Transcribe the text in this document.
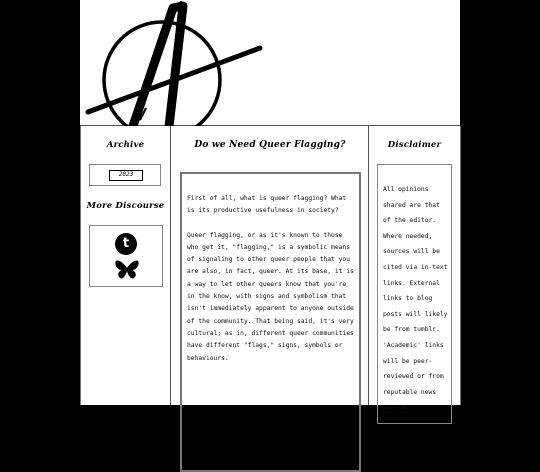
Archive
2023
More Discourse
t
Do we Need Queer Flagging?

First of all, what is queer flagging? What is its productive usefulness in society?

Queer flagging, or as it's known to those who get it, "flagging," is a symbolic means of signaling to other queer people that you are also, in fact, queer. At its base, it is a way to let other queers know that you're in the know, with signs and symbolism that isn't immediately apparent to anyone outside of the community. That being said, it's very cultural; as in, different queer communities have different "flags," signs, symbols or behaviours.

Disclaimer
All opinions shared are that of the editor. Where needed, sources will be cited via in-text links. External links to blog posts will likely be from tumblr. 'Academic' links will be peer-reviewed or from reputable news sources.
